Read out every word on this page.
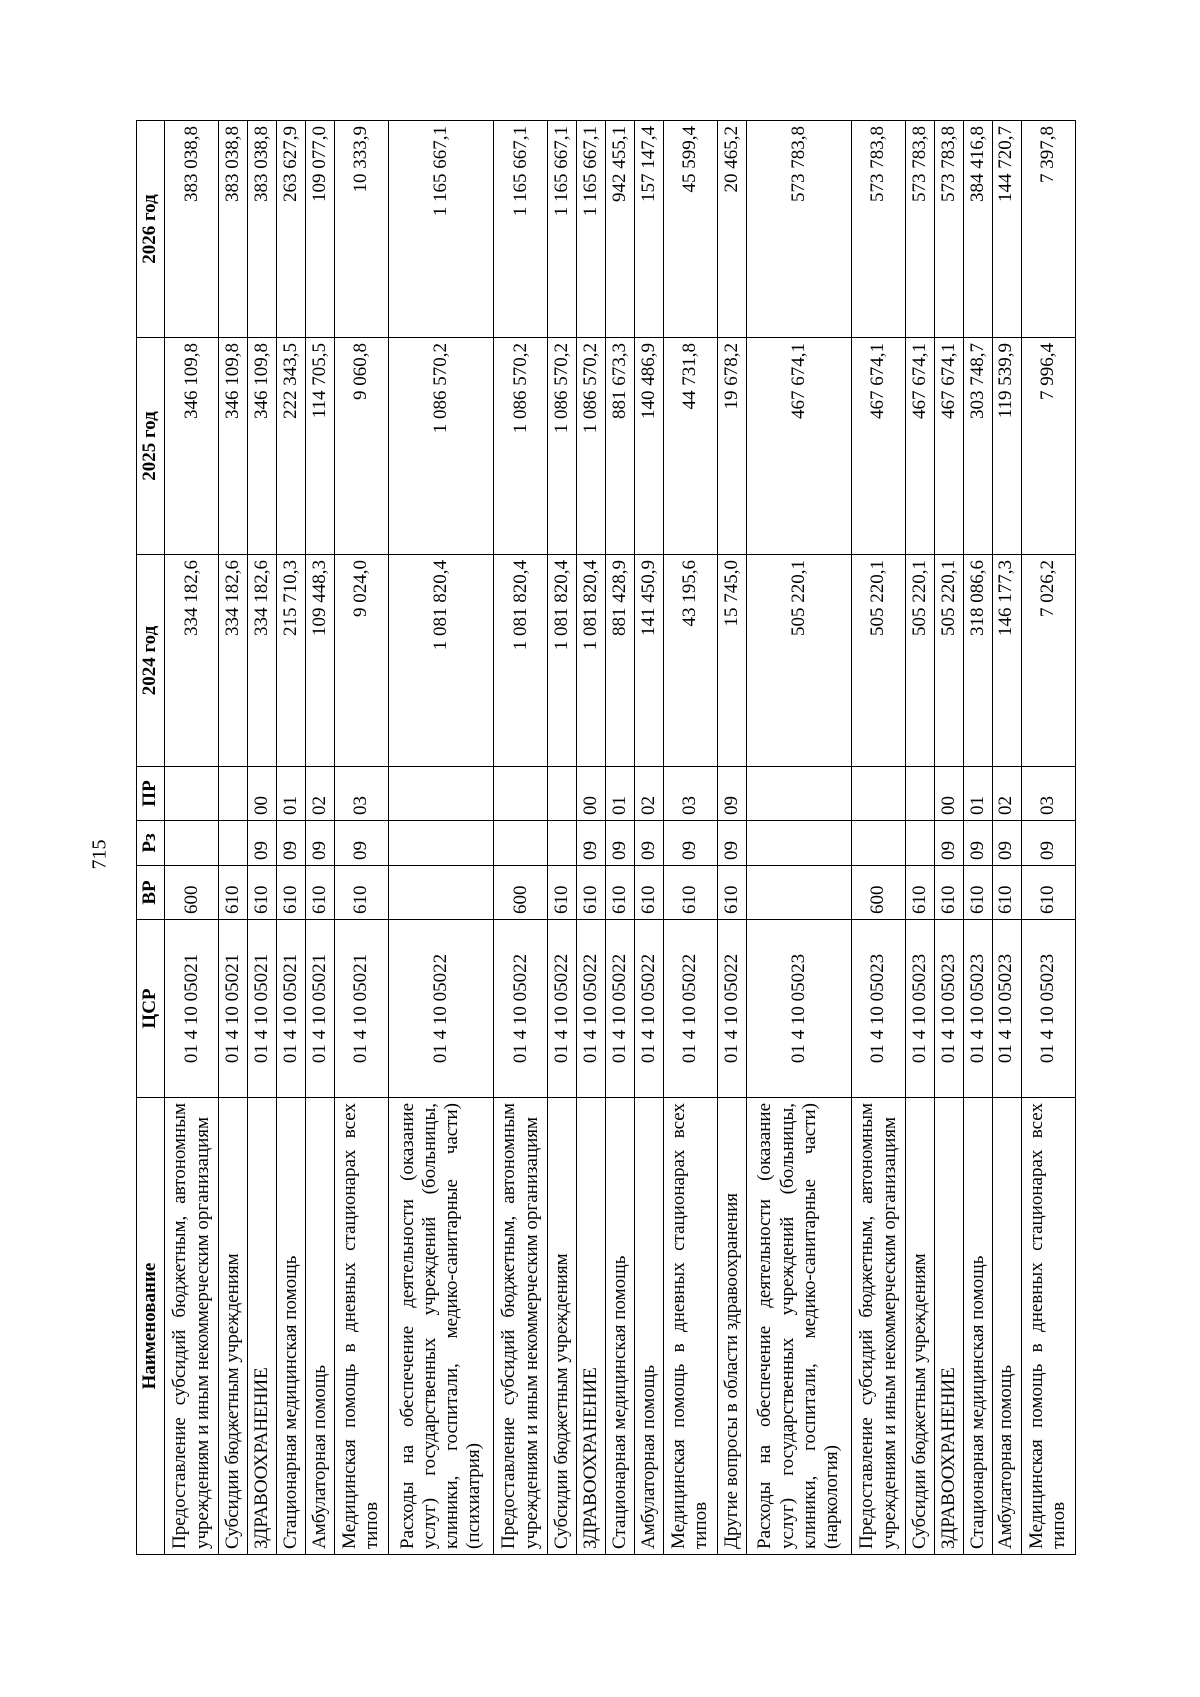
715
Наименование	ЦСР	ВР	Рз	ПР	2024 год	2025 год	2026 год
Предоставление субсидий бюджетным, автономным учреждениям и иным некоммерческим организациям	01 4 10 05021	600			334 182,6	346 109,8	383 038,8
Субсидии бюджетным учреждениям	01 4 10 05021	610			334 182,6	346 109,8	383 038,8
ЗДРАВООХРАНЕНИЕ	01 4 10 05021	610	09	00	334 182,6	346 109,8	383 038,8
Стационарная медицинская помощь	01 4 10 05021	610	09	01	215 710,3	222 343,5	263 627,9
Амбулаторная помощь	01 4 10 05021	610	09	02	109 448,3	114 705,5	109 077,0
Медицинская помощь в дневных стационарах всех типов	01 4 10 05021	610	09	03	9 024,0	9 060,8	10 333,9
Расходы на обеспечение деятельности (оказание услуг) государственных учреждений (больницы, клиники, госпитали, медико-санитарные части) (психиатрия)	01 4 10 05022				1 081 820,4	1 086 570,2	1 165 667,1
Предоставление субсидий бюджетным, автономным учреждениям и иным некоммерческим организациям	01 4 10 05022	600			1 081 820,4	1 086 570,2	1 165 667,1
Субсидии бюджетным учреждениям	01 4 10 05022	610			1 081 820,4	1 086 570,2	1 165 667,1
ЗДРАВООХРАНЕНИЕ	01 4 10 05022	610	09	00	1 081 820,4	1 086 570,2	1 165 667,1
Стационарная медицинская помощь	01 4 10 05022	610	09	01	881 428,9	881 673,3	942 455,1
Амбулаторная помощь	01 4 10 05022	610	09	02	141 450,9	140 486,9	157 147,4
Медицинская помощь в дневных стационарах всех типов	01 4 10 05022	610	09	03	43 195,6	44 731,8	45 599,4
Другие вопросы в области здравоохранения	01 4 10 05022	610	09	09	15 745,0	19 678,2	20 465,2
Расходы на обеспечение деятельности (оказание услуг) государственных учреждений (больницы, клиники, госпитали, медико-санитарные части) (наркология)	01 4 10 05023				505 220,1	467 674,1	573 783,8
Предоставление субсидий бюджетным, автономным учреждениям и иным некоммерческим организациям	01 4 10 05023	600			505 220,1	467 674,1	573 783,8
Субсидии бюджетным учреждениям	01 4 10 05023	610			505 220,1	467 674,1	573 783,8
ЗДРАВООХРАНЕНИЕ	01 4 10 05023	610	09	00	505 220,1	467 674,1	573 783,8
Стационарная медицинская помощь	01 4 10 05023	610	09	01	318 086,6	303 748,7	384 416,8
Амбулаторная помощь	01 4 10 05023	610	09	02	146 177,3	119 539,9	144 720,7
Медицинская помощь в дневных стационарах всех типов	01 4 10 05023	610	09	03	7 026,2	7 996,4	7 397,8
